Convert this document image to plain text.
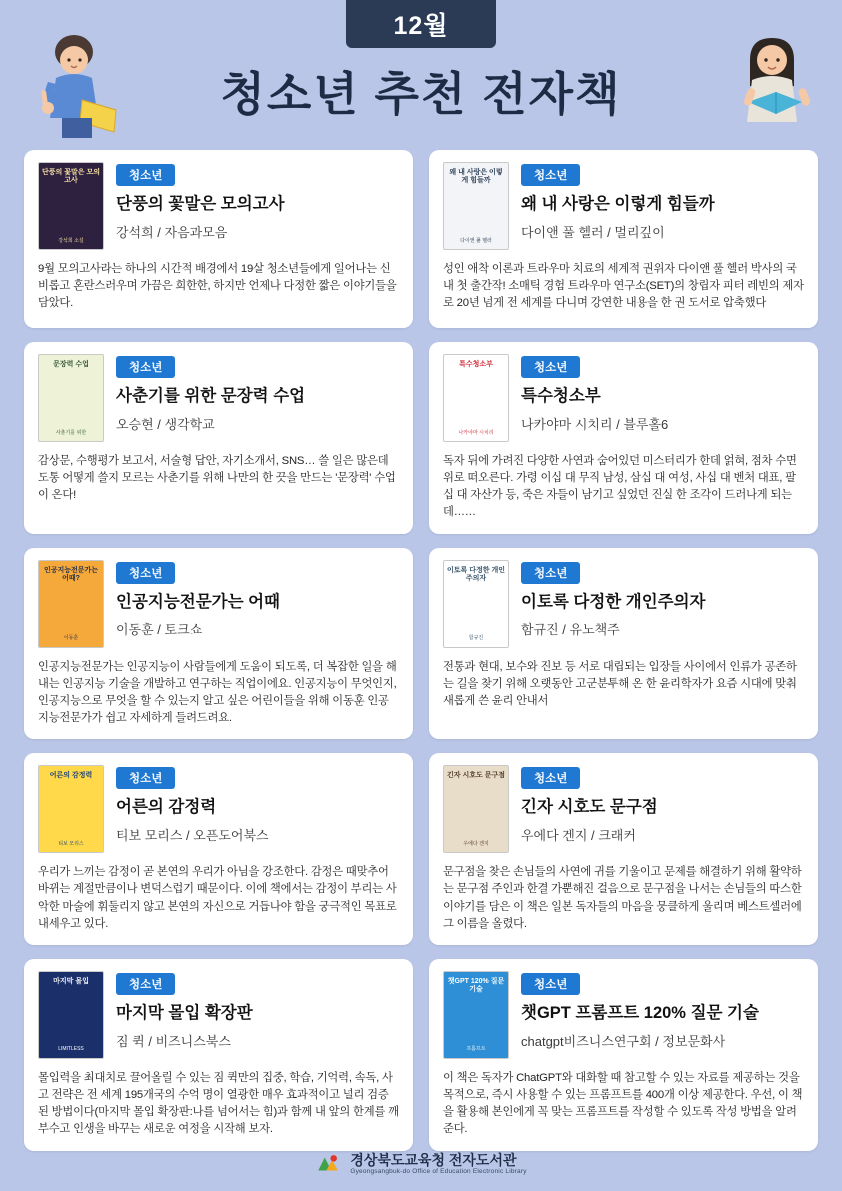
12월
청소년 추천 전자책
단풍의 꽃말은 모의고사
강석희 소설
청소년
단풍의 꽃말은 모의고사
강석희 / 자음과모음
9월 모의고사라는 하나의 시간적 배경에서 19살 청소년들에게 일어나는 신비롭고 혼란스러우며 가끔은 희한한, 하지만 언제나 다정한 짧은 이야기들을 담았다.
왜 내 사랑은 이렇게 힘들까
다이앤 풀 헬러
청소년
왜 내 사랑은 이렇게 힘들까
다이앤 풀 헬러 / 멀리깊이
성인 애착 이론과 트라우마 치료의 세계적 권위자 다이앤 풀 헬러 박사의 국내 첫 출간작! 소매틱 경험 트라우마 연구소(SET)의 창립자 피터 레빈의 제자로 20년 넘게 전 세계를 다니며 강연한 내용을 한 권 도서로 압축했다
문장력 수업
사춘기를 위한
청소년
사춘기를 위한 문장력 수업
오승현 / 생각학교
감상문, 수행평가 보고서, 서술형 답안, 자기소개서, SNS… 쓸 일은 많은데 도통 어떻게 쓸지 모르는 사춘기를 위해 나만의 한 끗을 만드는 '문장력' 수업이 온다!
특수청소부
나카야마 시치리
청소년
특수청소부
나카야마 시치리 / 블루홀6
독자 뒤에 가려진 다양한 사연과 숨어있던 미스터리가 한데 얽혀, 점차 수면 위로 떠오른다. 가령 이십 대 무직 남성, 삼십 대 여성, 사십 대 벤처 대표, 팔십 대 자산가 등, 죽은 자들이 남기고 싶었던 진실 한 조각이 드러나게 되는데……
인공지능전문가는 어때?
이동훈
청소년
인공지능전문가는 어때
이동훈 / 토크쇼
인공지능전문가는 인공지능이 사람들에게 도움이 되도록, 더 복잡한 일을 해내는 인공지능 기술을 개발하고 연구하는 직업이에요. 인공지능이 무엇인지, 인공지능으로 무엇을 할 수 있는지 알고 싶은 어린이들을 위해 이동훈 인공지능전문가가 쉽고 자세하게 들려드려요.
이토록 다정한 개인주의자
함규진
청소년
이토록 다정한 개인주의자
함규진 / 유노책주
전통과 현대, 보수와 진보 등 서로 대립되는 입장들 사이에서 인류가 공존하는 길을 찾기 위해 오랫동안 고군분투해 온 한 윤리학자가 요즘 시대에 맞춰 새롭게 쓴 윤리 안내서
어른의 감정력
티보 모리스
청소년
어른의 감정력
티보 모리스 / 오픈도어북스
우리가 느끼는 감정이 곧 본연의 우리가 아님을 강조한다. 감정은 때맞추어 바뀌는 계절만큼이나 변덕스럽기 때문이다. 이에 책에서는 감정이 부리는 사악한 마술에 휘둘리지 않고 본연의 자신으로 거듭나야 함을 궁극적인 목표로 내세우고 있다.
긴자 시호도 문구점
우에다 겐지
청소년
긴자 시호도 문구점
우에다 겐지 / 크래커
문구점을 찾은 손님들의 사연에 귀를 기울이고 문제를 해결하기 위해 활약하는 문구점 주인과 한결 가뿐해진 걸음으로 문구점을 나서는 손님들의 따스한 이야기를 담은 이 책은 일본 독자들의 마음을 뭉클하게 울리며 베스트셀러에 그 이름을 올렸다.
마지막 몰입
LIMITLESS
청소년
마지막 몰입 확장판
짐 퀵 / 비즈니스북스
몰입력을 최대치로 끌어올릴 수 있는 짐 퀵만의 집중, 학습, 기억력, 속독, 사고 전략은 전 세계 195개국의 수억 명이 열광한 매우 효과적이고 널리 검증된 방법이다(마지막 몰입 확장판:나를 넘어서는 힘)과 함께 내 앞의 한계를 깨부수고 인생을 바꾸는 새로운 여정을 시작해 보자.
챗GPT 120% 질문기술
프롬프트
청소년
챗GPT 프롬프트 120% 질문 기술
chatgpt비즈니스연구회 / 정보문화사
이 책은 독자가 ChatGPT와 대화할 때 참고할 수 있는 자료를 제공하는 것을 목적으로, 즉시 사용할 수 있는 프롬프트를 400개 이상 제공한다. 우선, 이 책을 활용해 본인에게 꼭 맞는 프롬프트를 작성할 수 있도록 작성 방법을 알려준다.
경상북도교육청 전자도서관
Gyeongsangbuk-do Office of Education Electronic Library
